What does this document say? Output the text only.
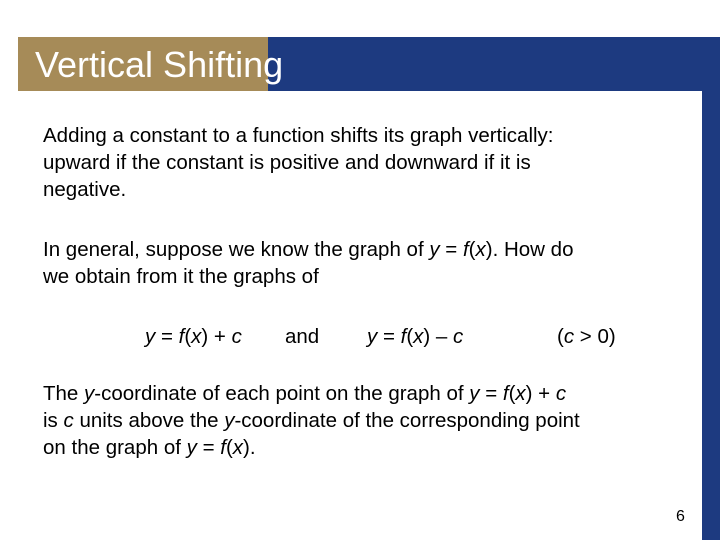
Vertical Shifting

Adding a constant to a function shifts its graph vertically:
upward if the constant is positive and downward if it is
negative.

In general, suppose we know the graph of y = f(x). How do
we obtain from it the graphs of

y = f(x) + c and y = f(x) – c	(c > 0)

The y-coordinate of each point on the graph of y = f(x) + c
is c units above the y-coordinate of the corresponding point
on the graph of y = f(x).

6
